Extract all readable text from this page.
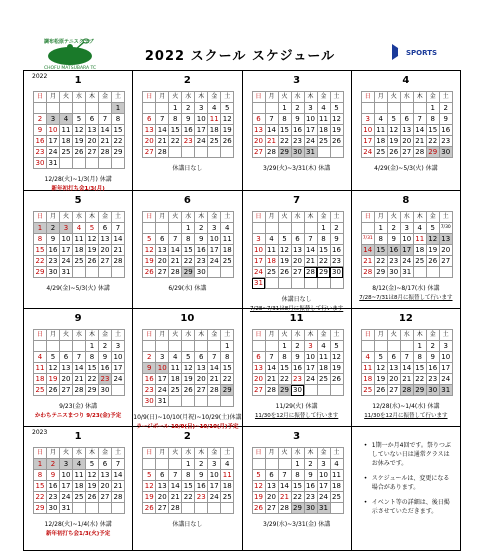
調布松原テニスクラブ
CHOFU MATSUBARA TC
2022 スクール スケジュール	SPORTS
2022	1
日	月	火	水	木	金	土
						1
2	3	4	5	6	7	8
9	10	11	12	13	14	15
16	17	18	19	20	21	22
23	24	25	26	27	28	29
30	31					
12/28(火)~1/3(月) 休講
新年初打ち会1/3(月)
2
日	月	火	水	木	金	土
		1	2	3	4	5
6	7	8	9	10	11	12
13	14	15	16	17	18	19
20	21	22	23	24	25	26
27	28					
休講日なし
3
日	月	火	水	木	金	土
		1	2	3	4	5
6	7	8	9	10	11	12
13	14	15	16	17	18	19
20	21	22	23	24	25	26
27	28	29	30	31		
3/29(火)~3/31(木) 休講
4
日	月	火	水	木	金	土
					1	2
3	4	5	6	7	8	9
10	11	12	13	14	15	16
17	18	19	20	21	22	23
24	25	26	27	28	29	30
4/29(金)~5/3(火) 休講
5
日	月	火	水	木	金	土
1	2	3	4	5	6	7
8	9	10	11	12	13	14
15	16	17	18	19	20	21
22	23	24	25	26	27	28
29	30	31				
4/29(金)~5/3(火) 休講
6
日	月	火	水	木	金	土
			1	2	3	4
5	6	7	8	9	10	11
12	13	14	15	16	17	18
19	20	21	22	23	24	25
26	27	28	29	30		
6/29(水) 休講
7
日	月	火	水	木	金	土
					1	2
3	4	5	6	7	8	9
10	11	12	13	14	15	16
17	18	19	20	21	22	23
24	25	26	27	28	29	30
31						
休講日なし
7/28~7/31は8月に振替して行います
8
日	月	火	水	木	金	土
	1	2	3	4	5	7/30
7/31	8	9	10	11	12	13
14	15	16	17	18	19	20
21	22	23	24	25	26	27
28	29	30	31			
8/12(金)~8/17(水) 休講
7/28~7/31は8月に振替して行います
9
日	月	火	水	木	金	土
				1	2	3
4	5	6	7	8	9	10
11	12	13	14	15	16	17
18	19	20	21	22	23	24
25	26	27	28	29	30	
9/23(金) 休講
かわちテニスまつり 9/23(金)予定
10
日	月	火	水	木	金	土
						1
2	3	4	5	6	7	8
9	10	11	12	13	14	15
16	17	18	19	20	21	22
23	24	25	26	27	28	29
30	31					
10/9(日)~10/10(月祝)~10/29(土)休講
ラージボール 10/9(日)~10/10(月)予定
11
日	月	火	水	木	金	土
		1	2	3	4	5
6	7	8	9	10	11	12
13	14	15	16	17	18	19
20	21	22	23	24	25	26
27	28	29	30			
11/29(火) 休講
11/30を12月に振替して行います
12
日	月	火	水	木	金	土
				1	2	3
4	5	6	7	8	9	10
11	12	13	14	15	16	17
18	19	20	21	22	23	24
25	26	27	28	29	30	31
12/28(水)~1/4(水) 休講
11/30を12月に振替して行います
2023	1
日	月	火	水	木	金	土
1	2	3	4	5	6	7
8	9	10	11	12	13	14
15	16	17	18	19	20	21
22	23	24	25	26	27	28
29	30	31				
12/28(火)~1/4(水) 休講
新年初打ち会1/3(火)予定
2
日	月	火	水	木	金	土
			1	2	3	4
5	6	7	8	9	10	11
12	13	14	15	16	17	18
19	20	21	22	23	24	25
26	27	28				
休講日なし
3
日	月	火	水	木	金	土
			1	2	3	4
5	6	7	8	9	10	11
12	13	14	15	16	17	18
19	20	21	22	23	24	25
26	27	28	29	30	31	
3/29(水)~3/31(金) 休講
• 1期一か月4回です。祭りつぶしていない日は通常クラスはお休みです。
• スケジュールは、変更になる場合があります。
• イベント等の詳細は、後日掲示させていただきます。
